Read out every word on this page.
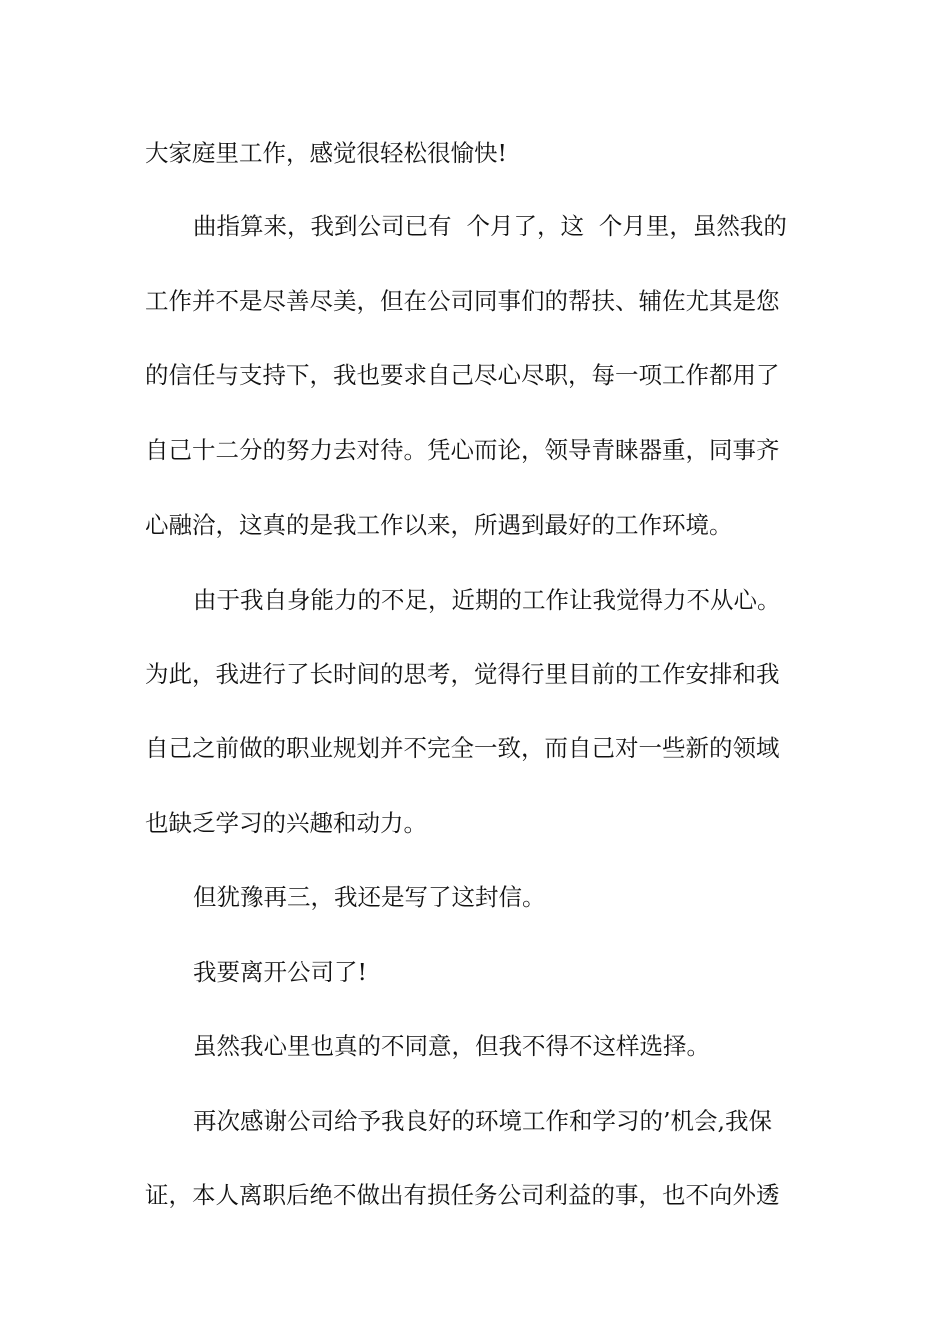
大家庭里工作，感觉很轻松很愉快!
曲指算来，我到公司已有  个月了，这  个月里，虽然我的
工作并不是尽善尽美，但在公司同事们的帮扶、辅佐尤其是您
的信任与支持下，我也要求自己尽心尽职，每一项工作都用了
自己十二分的努力去对待。凭心而论，领导青睐器重，同事齐
心融洽，这真的是我工作以来，所遇到最好的工作环境。
由于我自身能力的不足，近期的工作让我觉得力不从心。
为此，我进行了长时间的思考，觉得行里目前的工作安排和我
自己之前做的职业规划并不完全一致，而自己对一些新的领域
也缺乏学习的兴趣和动力。
但犹豫再三，我还是写了这封信。
我要离开公司了!
虽然我心里也真的不同意，但我不得不这样选择。
再次感谢公司给予我良好的环境工作和学习的’机会,我保
证，本人离职后绝不做出有损任务公司利益的事，也不向外透
